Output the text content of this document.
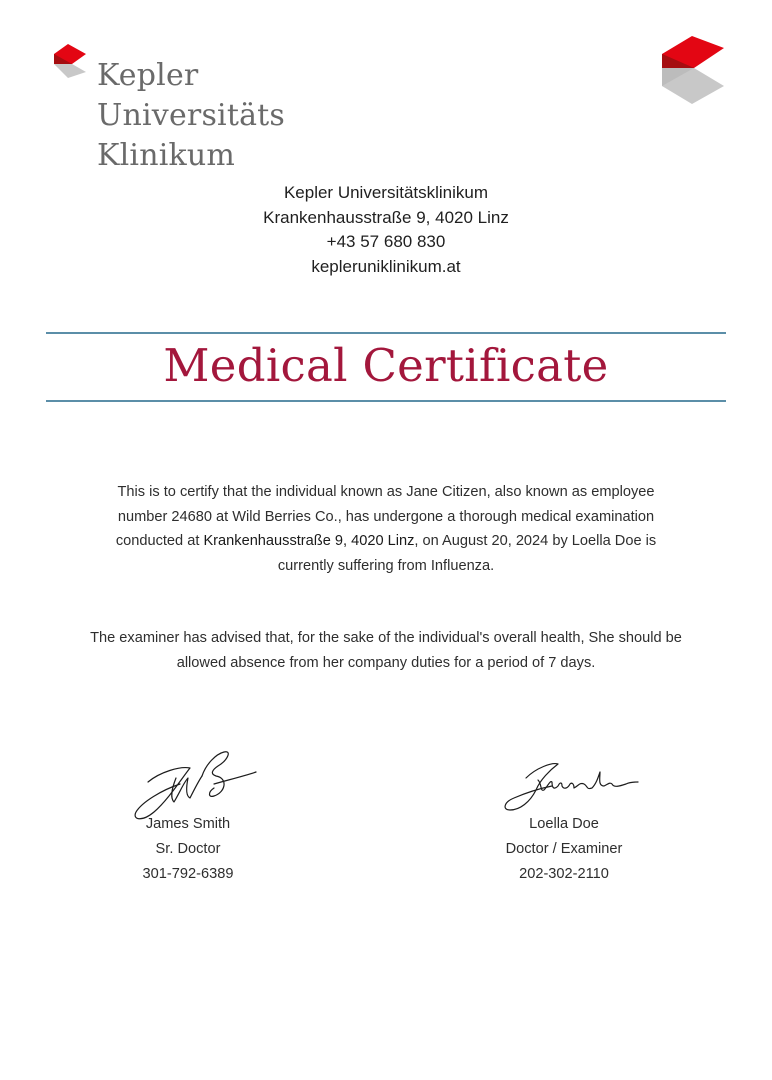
Kepler
Universitäts
Klinikum
Kepler Universitätsklinikum
Krankenhausstraße 9, 4020 Linz
+43 57 680 830
kepleruniklinikum.at
Medical Certificate
This is to certify that the individual known as Jane Citizen, also known as employee number 24680 at Wild Berries Co., has undergone a thorough medical examination conducted at Krankenhausstraße 9, 4020 Linz, on August 20, 2024 by Loella Doe is currently suffering from Influenza.
The examiner has advised that, for the sake of the individual's overall health, She should be allowed absence from her company duties for a period of 7 days.
James Smith
Sr. Doctor
301-792-6389
Loella Doe
Doctor / Examiner
202-302-2110
